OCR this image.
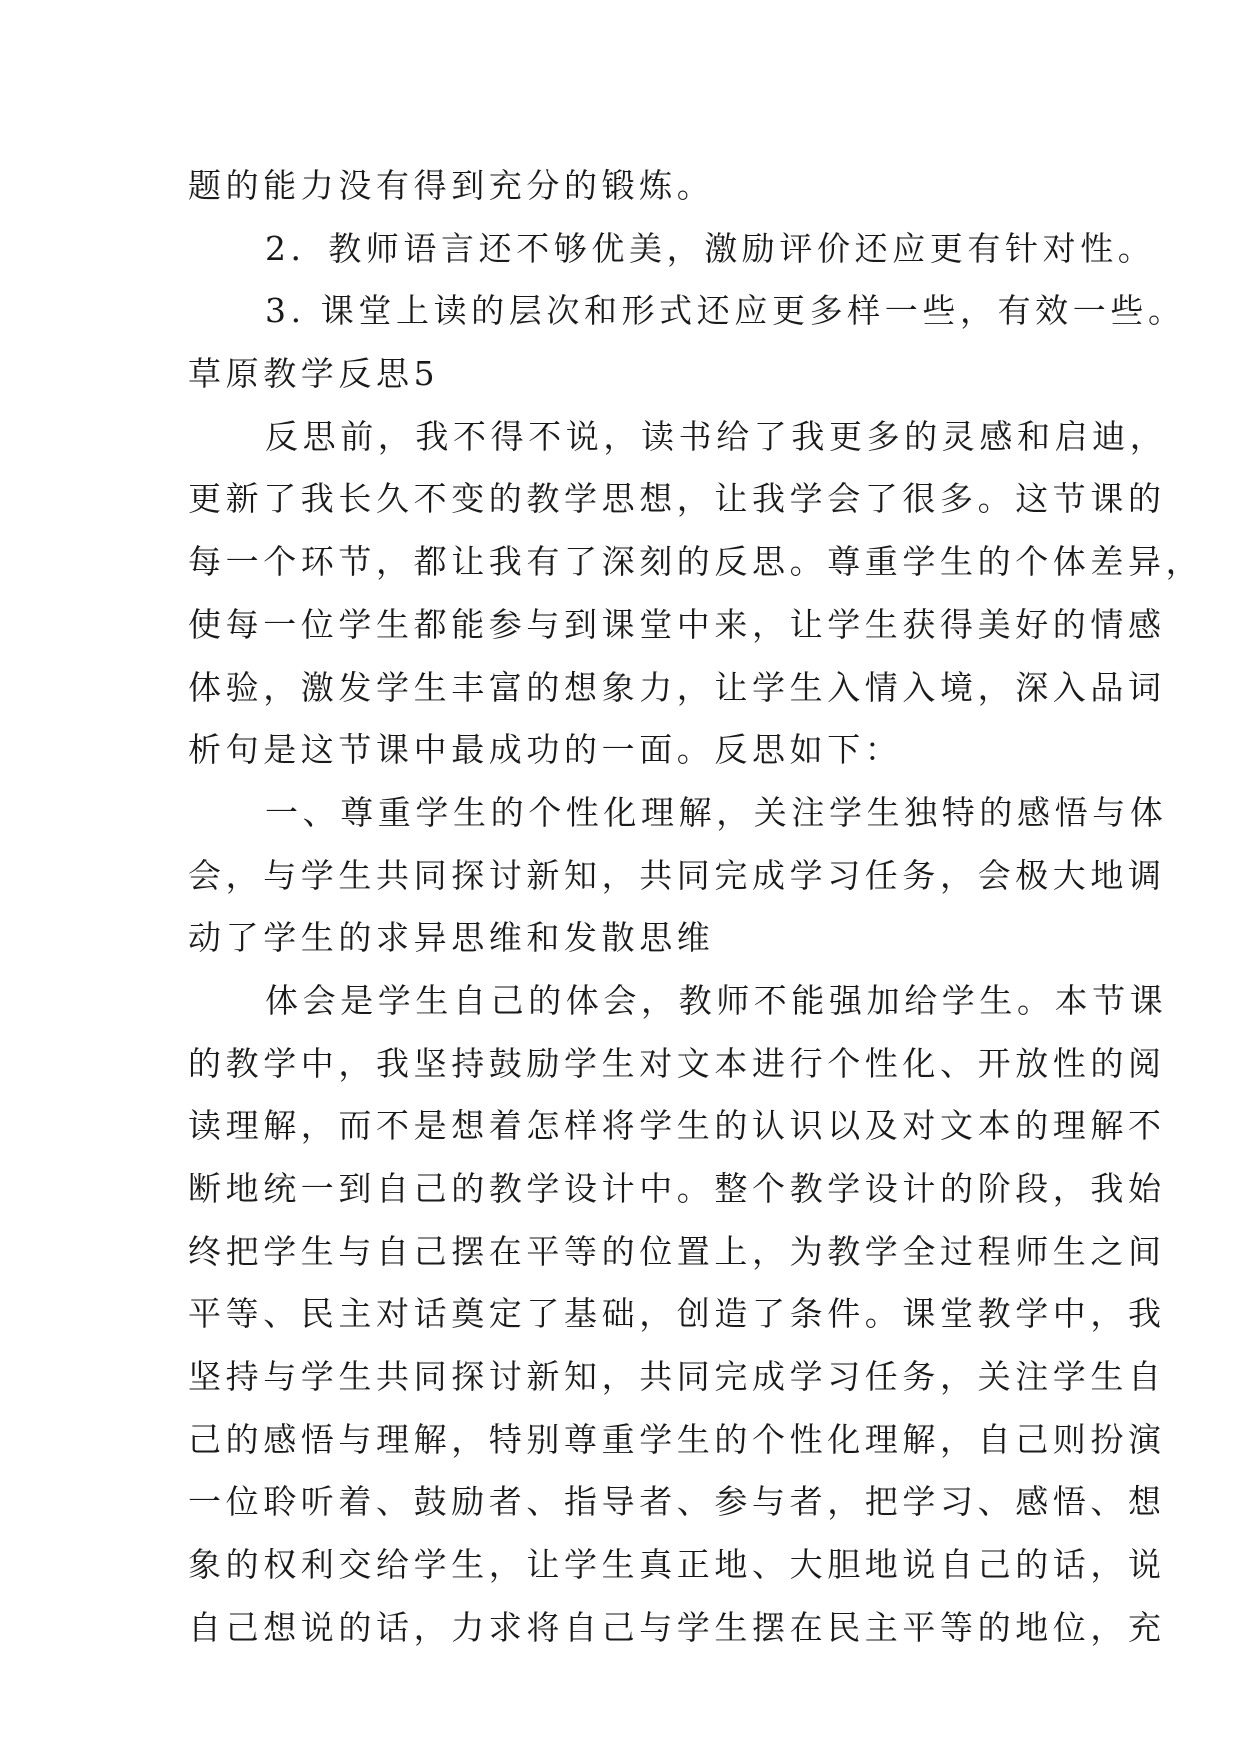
题的能力没有得到充分的锻炼。
2．教师语言还不够优美，激励评价还应更有针对性。
3. 课堂上读的层次和形式还应更多样一些，有效一些。
草原教学反思5
反思前，我不得不说，读书给了我更多的灵感和启迪，
更新了我长久不变的教学思想，让我学会了很多。这节课的
每一个环节，都让我有了深刻的反思。尊重学生的个体差异，
使每一位学生都能参与到课堂中来，让学生获得美好的情感
体验，激发学生丰富的想象力，让学生入情入境，深入品词
析句是这节课中最成功的一面。反思如下：
一、尊重学生的个性化理解，关注学生独特的感悟与体
会，与学生共同探讨新知，共同完成学习任务，会极大地调
动了学生的求异思维和发散思维
体会是学生自己的体会，教师不能强加给学生。本节课
的教学中，我坚持鼓励学生对文本进行个性化、开放性的阅
读理解，而不是想着怎样将学生的认识以及对文本的理解不
断地统一到自己的教学设计中。整个教学设计的阶段，我始
终把学生与自己摆在平等的位置上，为教学全过程师生之间
平等、民主对话奠定了基础，创造了条件。课堂教学中，我
坚持与学生共同探讨新知，共同完成学习任务，关注学生自
己的感悟与理解，特别尊重学生的个性化理解，自己则扮演
一位聆听着、鼓励者、指导者、参与者，把学习、感悟、想
象的权利交给学生，让学生真正地、大胆地说自己的话，说
自己想说的话，力求将自己与学生摆在民主平等的地位，充
